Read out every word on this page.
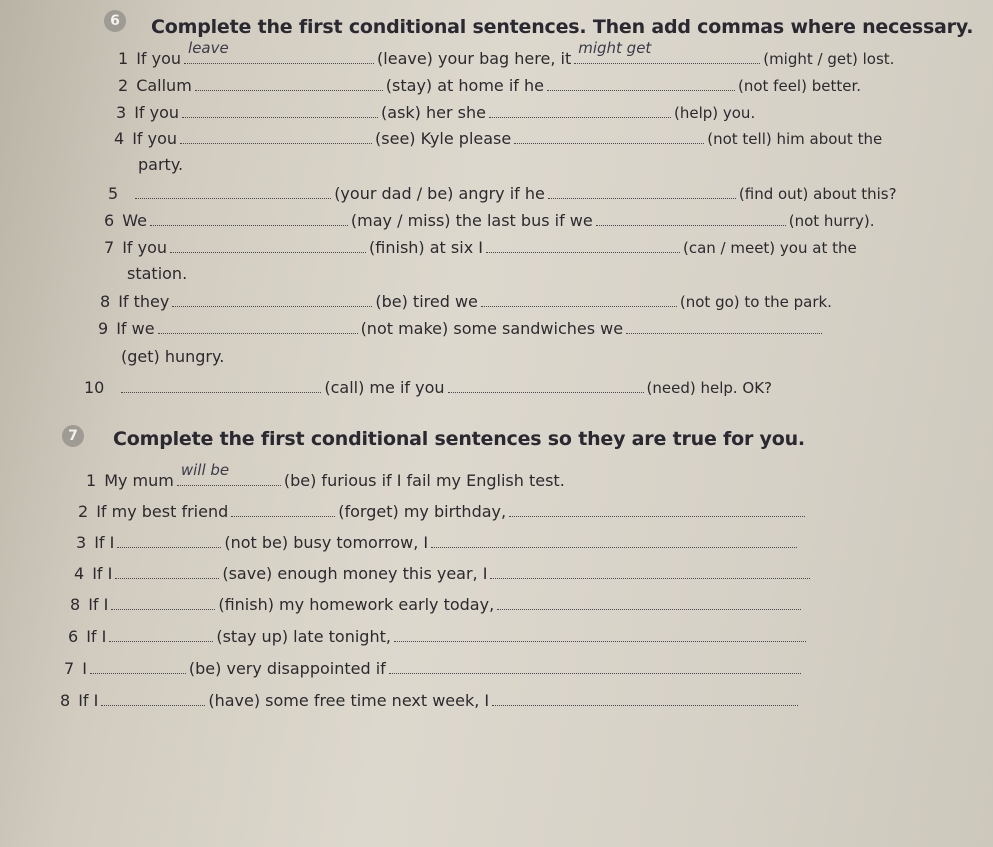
6	Complete the first conditional sentences. Then add commas where necessary.
1 If you
leave
(leave) your bag here, it
might get
(might / get) lost.
2 Callum	(stay) at home if he	(not feel) better.
3 If you	(ask) her she	(help) you.
4 If you	(see) Kyle please	(not tell) him about the
party.
5	(your dad / be) angry if he	(find out) about this?
6 We	(may / miss) the last bus if we	(not hurry).
7 If you	(finish) at six I	(can / meet) you at the
station.
8 If they	(be) tired we	(not go) to the park.
9 If we	(not make) some sandwiches we
(get) hungry.
10	(call) me if you	(need) help. OK?
7	Complete the first conditional sentences so they are true for you.
1 My mum
will be
(be) furious if I fail my English test.
2 If my best friend	(forget) my birthday,
3 If I	(not be) busy tomorrow, I
4 If I	(save) enough money this year, I
8 If I	(finish) my homework early today,
6 If I	(stay up) late tonight,
7 I	(be) very disappointed if
8 If I	(have) some free time next week, I
